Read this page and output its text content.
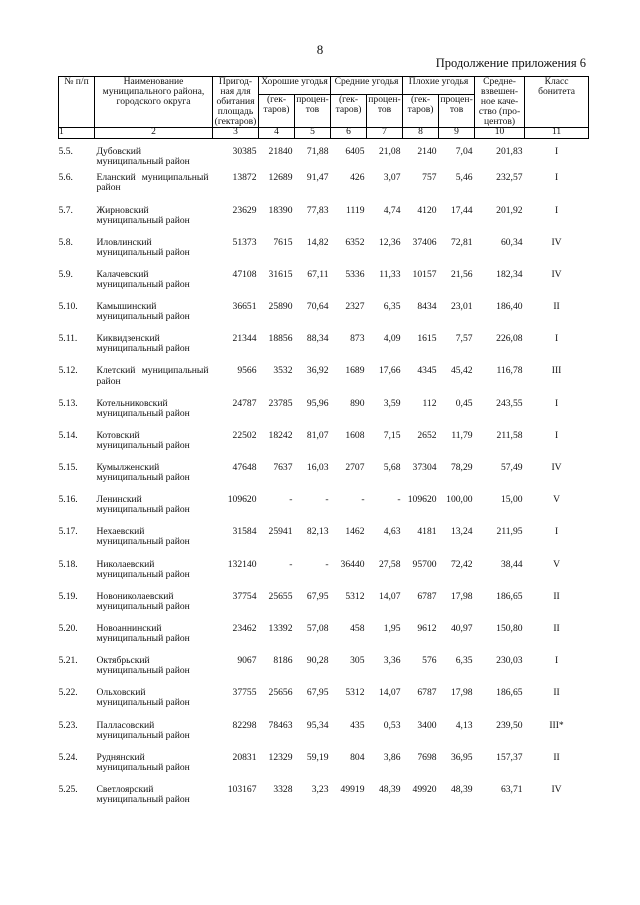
8
Продолжение приложения 6
№ п/п	Наименование муниципального района, городского округа	Пригод-ная для обитания площадь (гектаров)	Хорошие угодья		Средние угодья		Плохие угодья		Средне-взвешен-ное каче-ство (про-центов)	Класс бонитета
			(гек-таров)	процен-тов	(гек-таров)	процен-тов	(гек-таров)	процен-тов		
1	2	3	4	5	6	7	8	9	10	11
5.5.	Дубовский муниципальный район	30385	21840	71,88	6405	21,08	2140	7,04	201,83	I
5.6.	Еланский муниципальный район	13872	12689	91,47	426	3,07	757	5,46	232,57	I
5.7.	Жирновский муниципальный район	23629	18390	77,83	1119	4,74	4120	17,44	201,92	I
5.8.	Иловлинский муниципальный район	51373	7615	14,82	6352	12,36	37406	72,81	60,34	IV
5.9.	Калачевский муниципальный район	47108	31615	67,11	5336	11,33	10157	21,56	182,34	IV
5.10.	Камышинский муниципальный район	36651	25890	70,64	2327	6,35	8434	23,01	186,40	II
5.11.	Киквидзенский муниципальный район	21344	18856	88,34	873	4,09	1615	7,57	226,08	I
5.12.	Клетский муниципальный район	9566	3532	36,92	1689	17,66	4345	45,42	116,78	III
5.13.	Котельниковский муниципальный район	24787	23785	95,96	890	3,59	112	0,45	243,55	I
5.14.	Котовский муниципальный район	22502	18242	81,07	1608	7,15	2652	11,79	211,58	I
5.15.	Кумылженский муниципальный район	47648	7637	16,03	2707	5,68	37304	78,29	57,49	IV
5.16.	Ленинский муниципальный район	109620	-	-	-	-	109620	100,00	15,00	V
5.17.	Нехаевский муниципальный район	31584	25941	82,13	1462	4,63	4181	13,24	211,95	I
5.18.	Николаевский муниципальный район	132140	-	-	36440	27,58	95700	72,42	38,44	V
5.19.	Новониколаевский муниципальный район	37754	25655	67,95	5312	14,07	6787	17,98	186,65	II
5.20.	Новоаннинский муниципальный район	23462	13392	57,08	458	1,95	9612	40,97	150,80	II
5.21.	Октябрьский муниципальный район	9067	8186	90,28	305	3,36	576	6,35	230,03	I
5.22.	Ольховский муниципальный район	37755	25656	67,95	5312	14,07	6787	17,98	186,65	II
5.23.	Палласовский муниципальный район	82298	78463	95,34	435	0,53	3400	4,13	239,50	III*
5.24.	Руднянский муниципальный район	20831	12329	59,19	804	3,86	7698	36,95	157,37	II
5.25.	Светлоярский муниципальный район	103167	3328	3,23	49919	48,39	49920	48,39	63,71	IV
